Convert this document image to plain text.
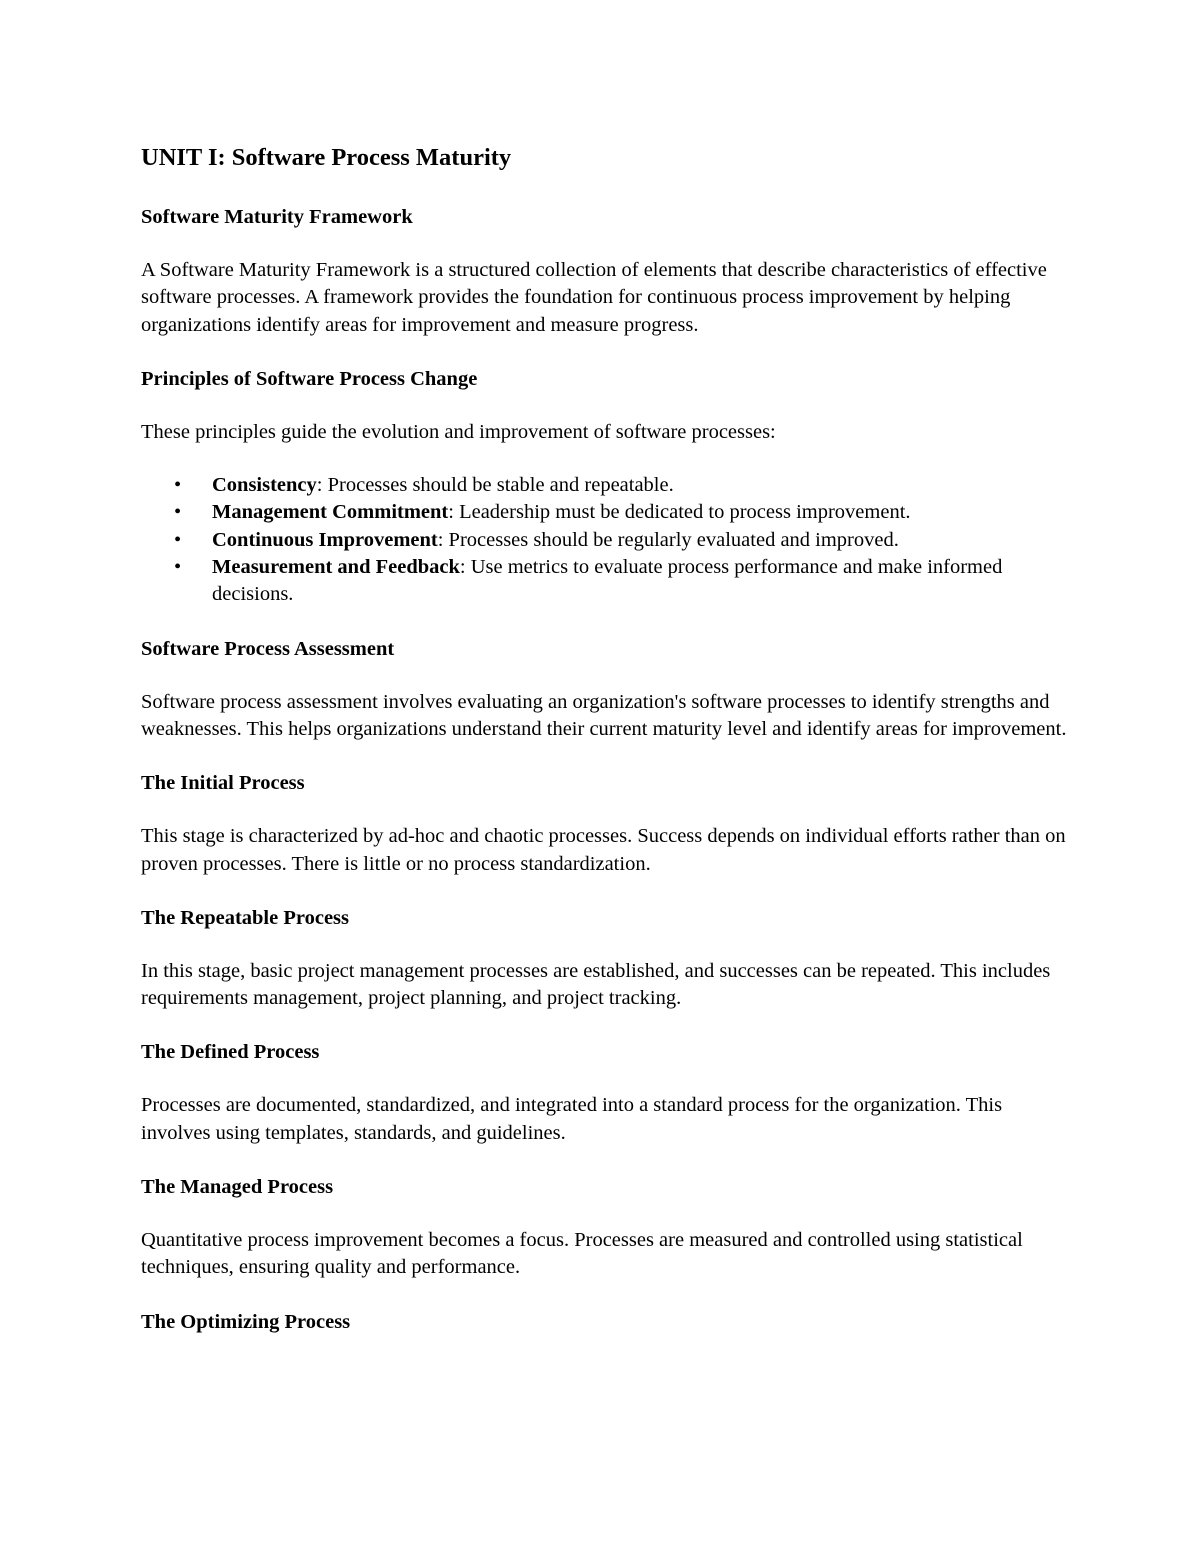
UNIT I: Software Process Maturity
Software Maturity Framework

A Software Maturity Framework is a structured collection of elements that describe characteristics of effective software processes. A framework provides the foundation for continuous process improvement by helping organizations identify areas for improvement and measure progress.

Principles of Software Process Change

These principles guide the evolution and improvement of software processes:

• Consistency: Processes should be stable and repeatable.
• Management Commitment: Leadership must be dedicated to process improvement.
• Continuous Improvement: Processes should be regularly evaluated and improved.
• Measurement and Feedback: Use metrics to evaluate process performance and make informed decisions.
Software Process Assessment

Software process assessment involves evaluating an organization's software processes to identify strengths and weaknesses. This helps organizations understand their current maturity level and identify areas for improvement.

The Initial Process

This stage is characterized by ad-hoc and chaotic processes. Success depends on individual efforts rather than on proven processes. There is little or no process standardization.

The Repeatable Process

In this stage, basic project management processes are established, and successes can be repeated. This includes requirements management, project planning, and project tracking.

The Defined Process

Processes are documented, standardized, and integrated into a standard process for the organization. This involves using templates, standards, and guidelines.

The Managed Process

Quantitative process improvement becomes a focus. Processes are measured and controlled using statistical techniques, ensuring quality and performance.

The Optimizing Process
